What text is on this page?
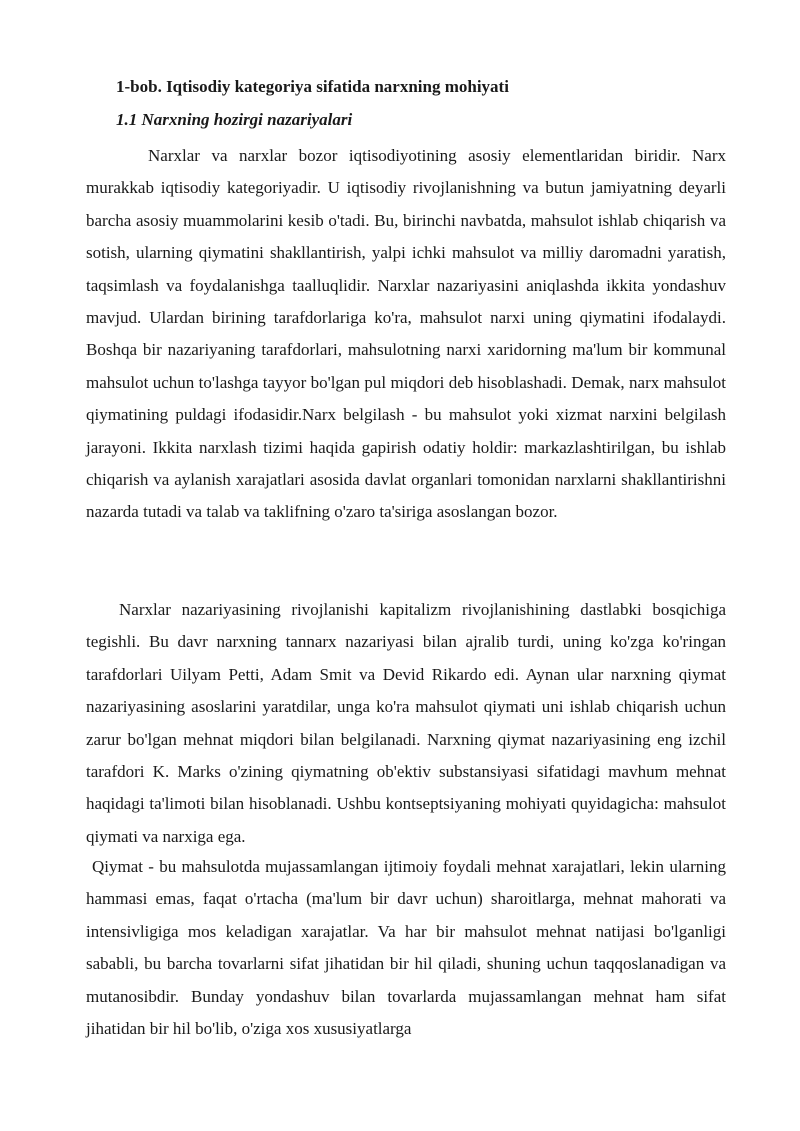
1-bob. Iqtisodiy kategoriya sifatida narxning mohiyati

1.1 Narxning hozirgi nazariyalari

Narxlar va narxlar bozor iqtisodiyotining asosiy elementlaridan biridir. Narx murakkab iqtisodiy kategoriyadir. U iqtisodiy rivojlanishning va butun jamiyatning deyarli barcha asosiy muammolarini kesib o'tadi. Bu, birinchi navbatda, mahsulot ishlab chiqarish va sotish, ularning qiymatini shakllantirish, yalpi ichki mahsulot va milliy daromadni yaratish, taqsimlash va foydalanishga taalluqlidir. Narxlar nazariyasini aniqlashda ikkita yondashuv mavjud. Ulardan birining tarafdorlariga ko'ra, mahsulot narxi uning qiymatini ifodalaydi. Boshqa bir nazariyaning tarafdorlari, mahsulotning narxi xaridorning ma'lum bir kommunal mahsulot uchun to'lashga tayyor bo'lgan pul miqdori deb hisoblashadi. Demak, narx mahsulot qiymatining puldagi ifodasidir.Narx belgilash - bu mahsulot yoki xizmat narxini belgilash jarayoni. Ikkita narxlash tizimi haqida gapirish odatiy holdir: markazlashtirilgan, bu ishlab chiqarish va aylanish xarajatlari asosida davlat organlari tomonidan narxlarni shakllantirishni nazarda tutadi va talab va taklifning o'zaro ta'siriga asoslangan bozor.

Narxlar nazariyasining rivojlanishi kapitalizm rivojlanishining dastlabki bosqichiga tegishli. Bu davr narxning tannarx nazariyasi bilan ajralib turdi, uning ko'zga ko'ringan tarafdorlari Uilyam Petti, Adam Smit va Devid Rikardo edi. Aynan ular narxning qiymat nazariyasining asoslarini yaratdilar, unga ko'ra mahsulot qiymati uni ishlab chiqarish uchun zarur bo'lgan mehnat miqdori bilan belgilanadi. Narxning qiymat nazariyasining eng izchil tarafdori K. Marks o'zining qiymatning ob'ektiv substansiyasi sifatidagi mavhum mehnat haqidagi ta'limoti bilan hisoblanadi. Ushbu kontseptsiyaning mohiyati quyidagicha: mahsulot qiymati va narxiga ega.

Qiymat - bu mahsulotda mujassamlangan ijtimoiy foydali mehnat xarajatlari, lekin ularning hammasi emas, faqat o'rtacha (ma'lum bir davr uchun) sharoitlarga, mehnat mahorati va intensivligiga mos keladigan xarajatlar. Va har bir mahsulot mehnat natijasi bo'lganligi sababli, bu barcha tovarlarni sifat jihatidan bir hil qiladi, shuning uchun taqqoslanadigan va mutanosibdir. Bunday yondashuv bilan tovarlarda mujassamlangan mehnat ham sifat jihatidan bir hil bo'lib, o'ziga xos xususiyatlarga
